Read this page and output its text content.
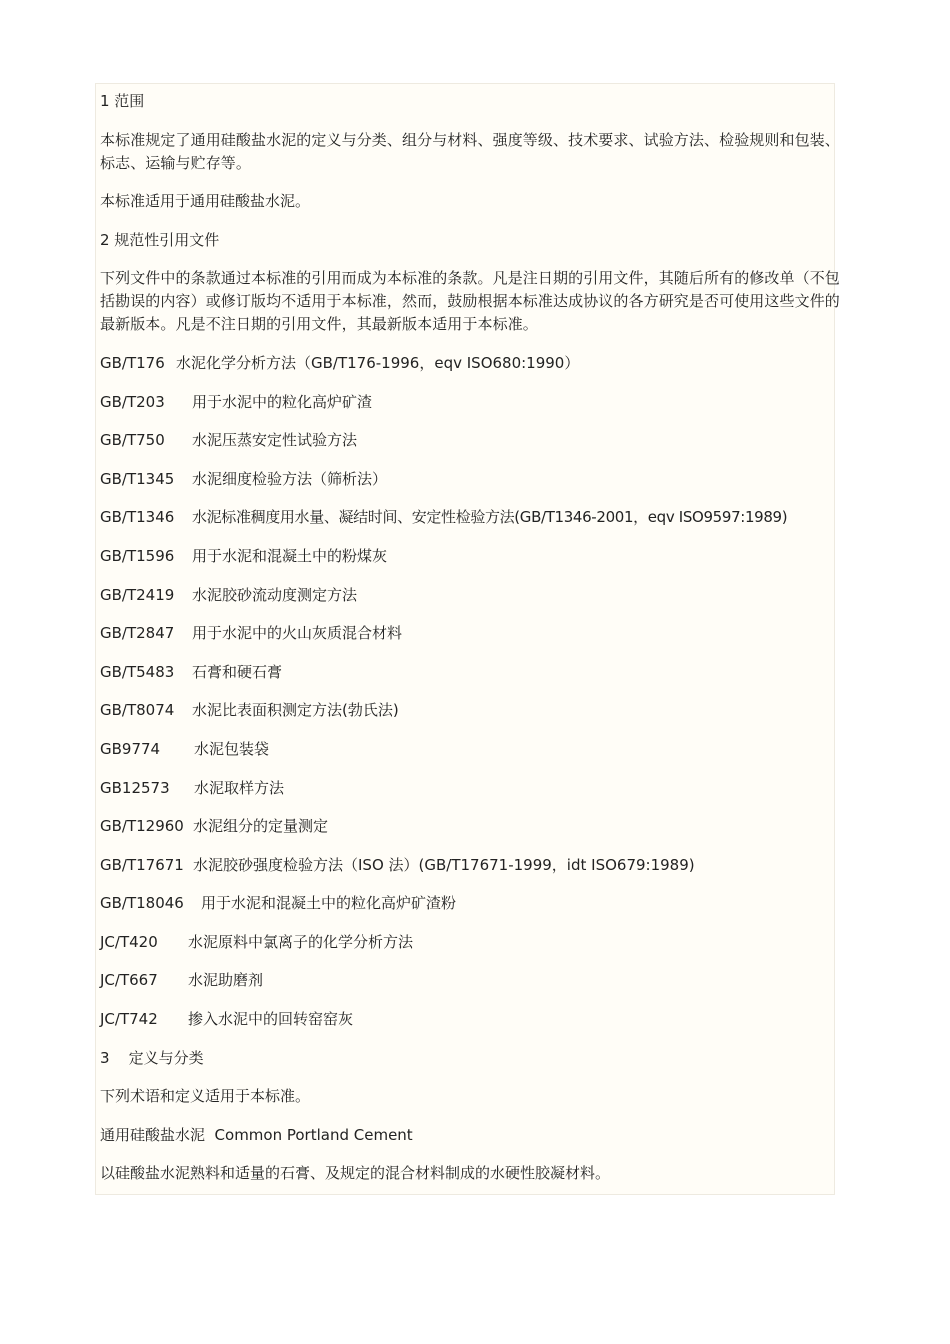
1 范围

本标准规定了通用硅酸盐水泥的定义与分类、组分与材料、强度等级、技术要求、试验方法、检验规则和包装、标志、运输与贮存等。

本标准适用于通用硅酸盐水泥。

2 规范性引用文件

下列文件中的条款通过本标准的引用而成为本标准的条款。凡是注日期的引用文件，其随后所有的修改单（不包括勘误的内容）或修订版均不适用于本标准，然而，鼓励根据本标准达成协议的各方研究是否可使用这些文件的最新版本。凡是不注日期的引用文件，其最新版本适用于本标准。

GB/T176 水泥化学分析方法（GB/T176-1996，eqv ISO680:1990）

GB/T203	用于水泥中的粒化高炉矿渣

GB/T750	水泥压蒸安定性试验方法

GB/T1345	水泥细度检验方法（筛析法）

GB/T1346	水泥标准稠度用水量、凝结时间、安定性检验方法(GB/T1346-2001，eqv ISO9597:1989)

GB/T1596	用于水泥和混凝土中的粉煤灰

GB/T2419	水泥胶砂流动度测定方法

GB/T2847	用于水泥中的火山灰质混合材料

GB/T5483	石膏和硬石膏

GB/T8074	水泥比表面积测定方法(勃氏法)

GB9774	水泥包装袋

GB12573	水泥取样方法

GB/T12960 水泥组分的定量测定

GB/T17671 水泥胶砂强度检验方法（ISO 法）(GB/T17671-1999，idt ISO679:1989)

GB/T18046	用于水泥和混凝土中的粒化高炉矿渣粉

JC/T420	水泥原料中氯离子的化学分析方法

JC/T667	水泥助磨剂

JC/T742	掺入水泥中的回转窑窑灰

3    定义与分类

下列术语和定义适用于本标准。

通用硅酸盐水泥  Common Portland Cement

以硅酸盐水泥熟料和适量的石膏、及规定的混合材料制成的水硬性胶凝材料。
